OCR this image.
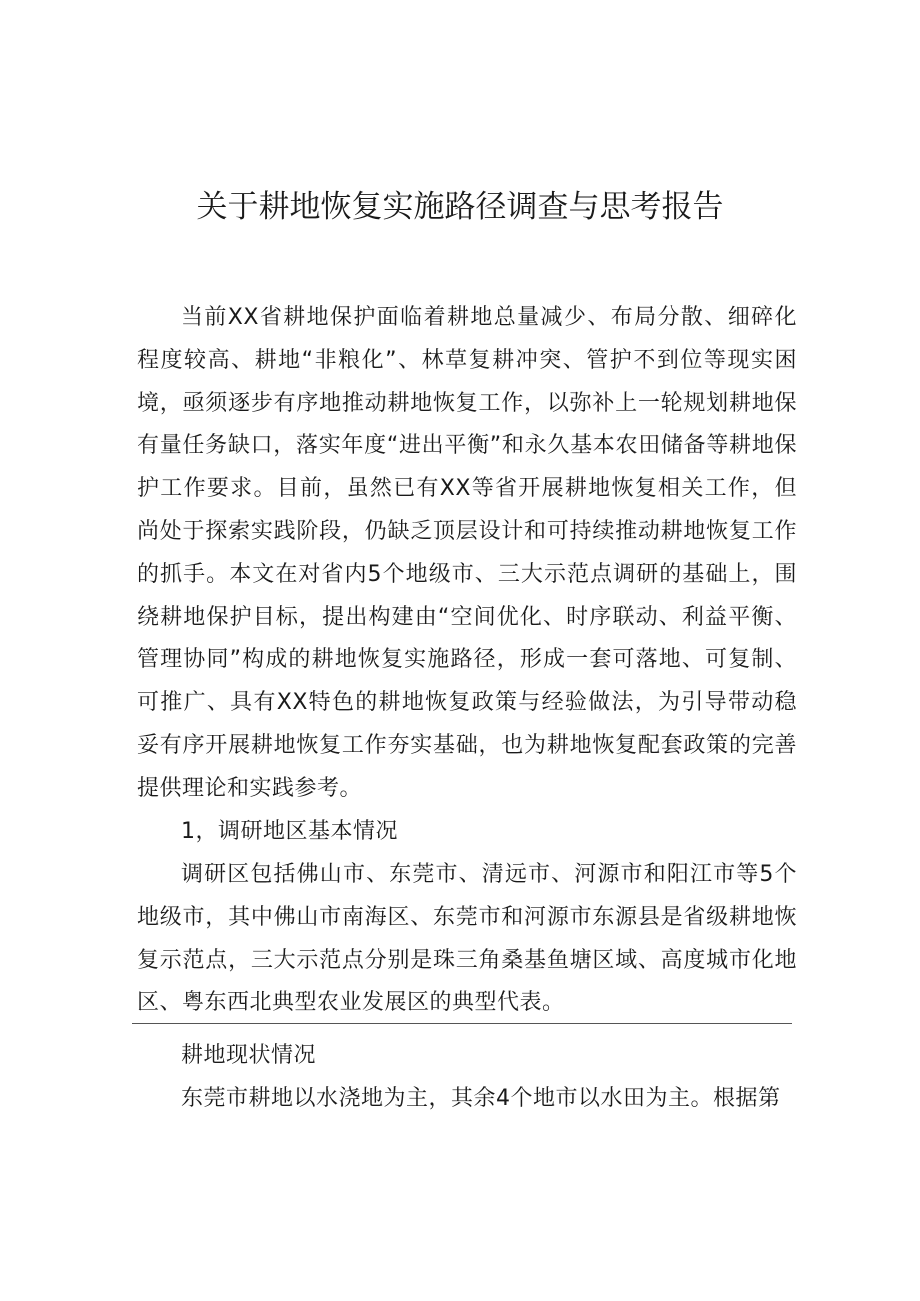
关于耕地恢复实施路径调查与思考报告

当前XX省耕地保护面临着耕地总量减少、布局分散、细碎化程度较高、耕地“非粮化”、林草复耕冲突、管护不到位等现实困境，亟须逐步有序地推动耕地恢复工作，以弥补上一轮规划耕地保有量任务缺口，落实年度“进出平衡”和永久基本农田储备等耕地保护工作要求。目前，虽然已有XX等省开展耕地恢复相关工作，但尚处于探索实践阶段，仍缺乏顶层设计和可持续推动耕地恢复工作的抓手。本文在对省内5个地级市、三大示范点调研的基础上，围绕耕地保护目标，提出构建由“空间优化、时序联动、利益平衡、管理协同”构成的耕地恢复实施路径，形成一套可落地、可复制、可推广、具有XX特色的耕地恢复政策与经验做法，为引导带动稳妥有序开展耕地恢复工作夯实基础，也为耕地恢复配套政策的完善提供理论和实践参考。

1，调研地区基本情况

调研区包括佛山市、东莞市、清远市、河源市和阳江市等5个地级市，其中佛山市南海区、东莞市和河源市东源县是省级耕地恢复示范点，三大示范点分别是珠三角桑基鱼塘区域、高度城市化地区、粤东西北典型农业发展区的典型代表。

耕地现状情况

东莞市耕地以水浇地为主，其余4个地市以水田为主。根据第
